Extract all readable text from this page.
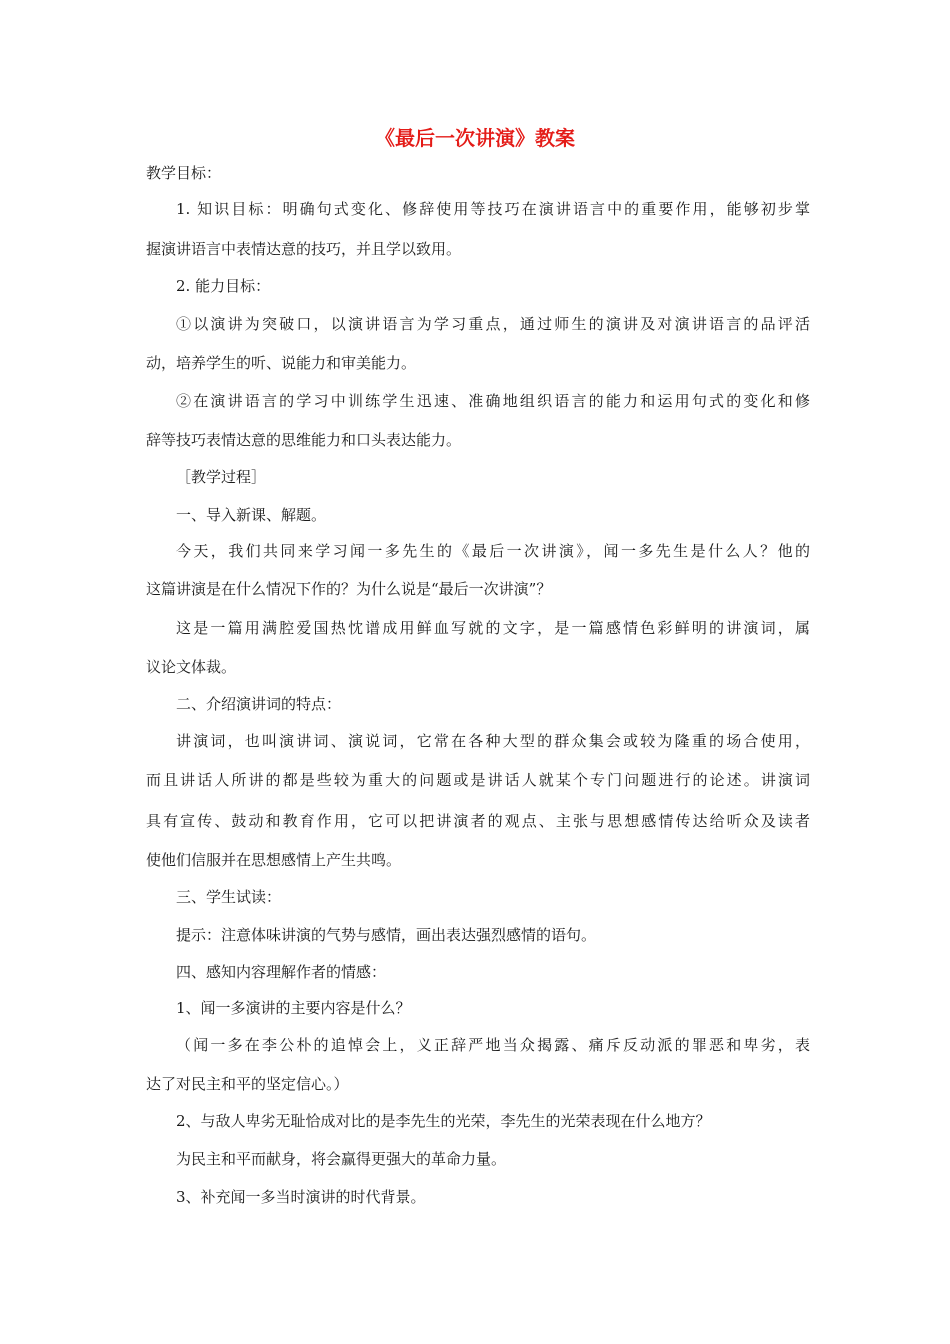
《最后一次讲演》教案
教学目标：
1. 知识目标：明确句式变化、修辞使用等技巧在演讲语言中的重要作用，能够初步掌
握演讲语言中表情达意的技巧，并且学以致用。
2. 能力目标：
①以演讲为突破口，以演讲语言为学习重点，通过师生的演讲及对演讲语言的品评活
动，培养学生的听、说能力和审美能力。
②在演讲语言的学习中训练学生迅速、准确地组织语言的能力和运用句式的变化和修
辞等技巧表情达意的思维能力和口头表达能力。
［教学过程］
一、导入新课、解题。
今天，我们共同来学习闻一多先生的《最后一次讲演》，闻一多先生是什么人？他的
这篇讲演是在什么情况下作的？为什么说是“最后一次讲演”？
这是一篇用满腔爱国热忱谱成用鲜血写就的文字，是一篇感情色彩鲜明的讲演词，属
议论文体裁。
二、介绍演讲词的特点：
讲演词，也叫演讲词、演说词，它常在各种大型的群众集会或较为隆重的场合使用，
而且讲话人所讲的都是些较为重大的问题或是讲话人就某个专门问题进行的论述。讲演词
具有宣传、鼓动和教育作用，它可以把讲演者的观点、主张与思想感情传达给听众及读者
使他们信服并在思想感情上产生共鸣。
三、学生试读：
提示：注意体味讲演的气势与感情，画出表达强烈感情的语句。
四、感知内容理解作者的情感：
1、闻一多演讲的主要内容是什么？
（闻一多在李公朴的追悼会上，义正辞严地当众揭露、痛斥反动派的罪恶和卑劣，表
达了对民主和平的坚定信心。）
2、与敌人卑劣无耻恰成对比的是李先生的光荣，李先生的光荣表现在什么地方？
为民主和平而献身，将会赢得更强大的革命力量。
3、补充闻一多当时演讲的时代背景。
